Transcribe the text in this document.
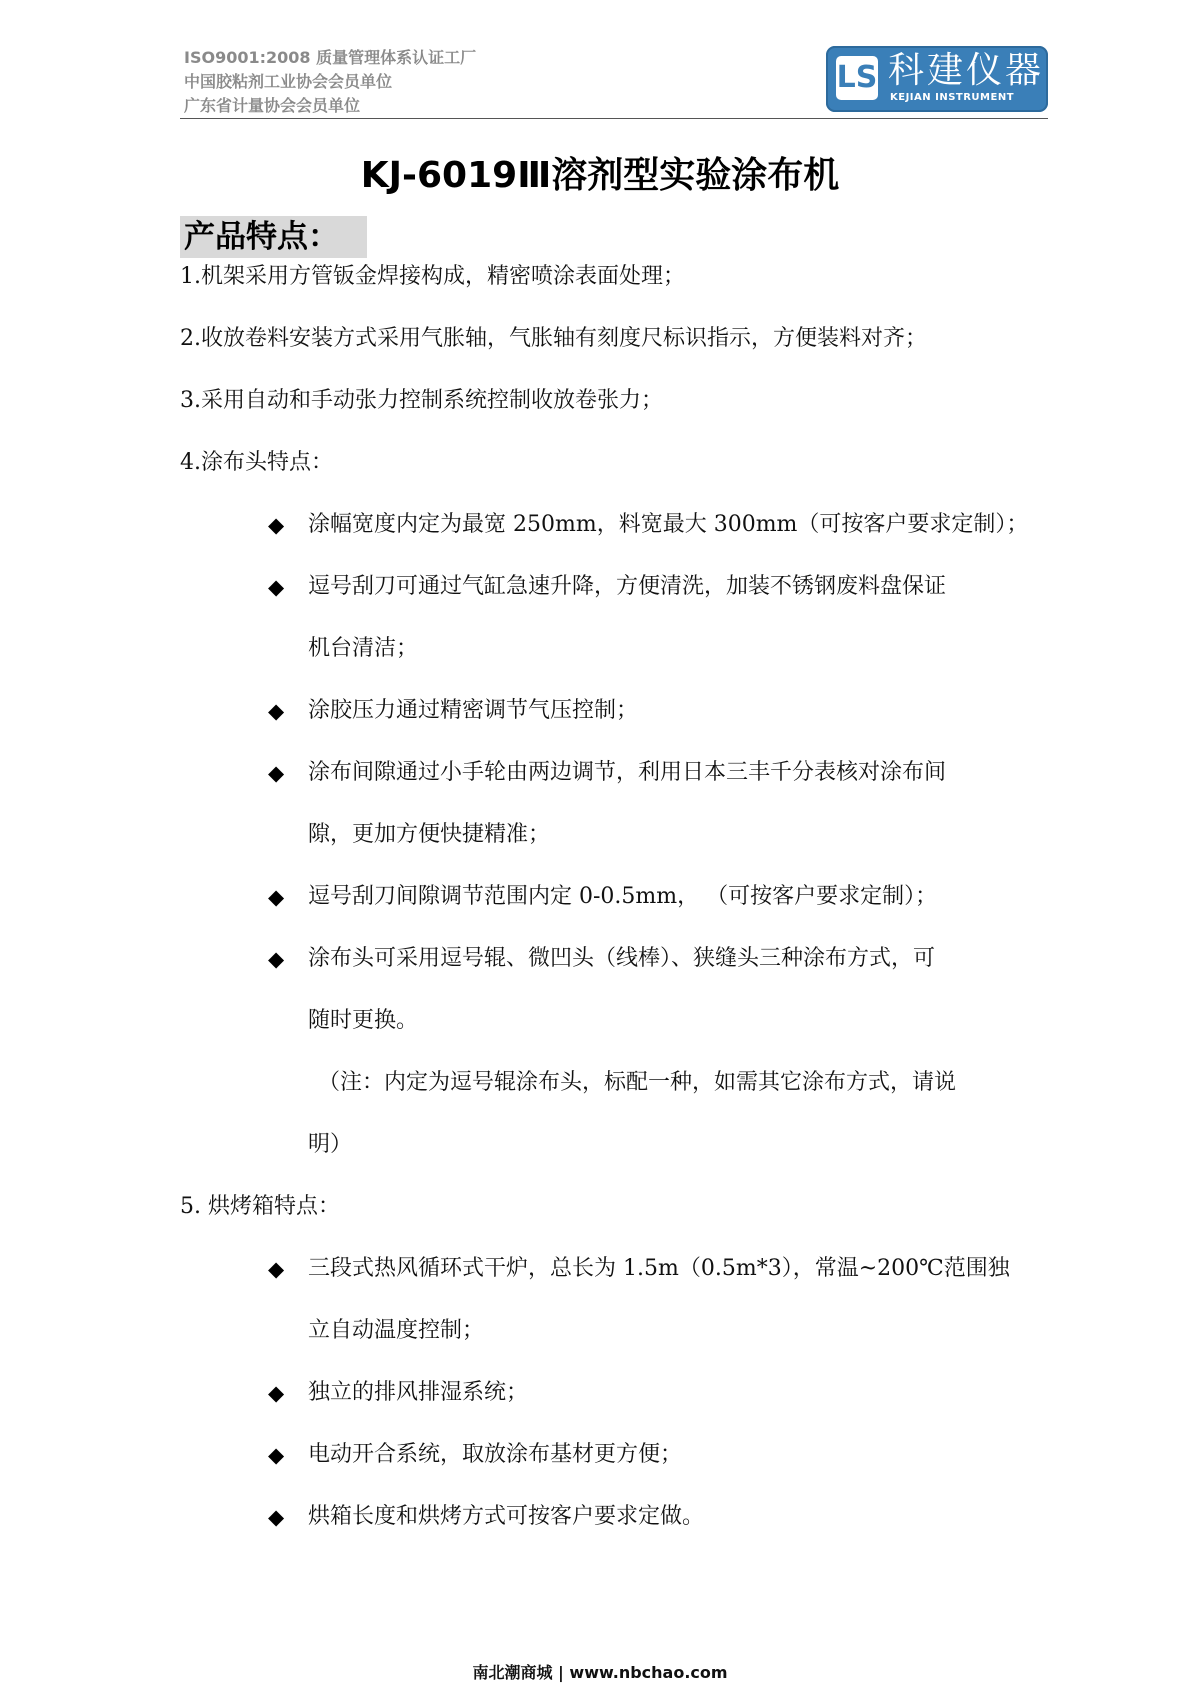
ISO9001:2008 质量管理体系认证工厂
中国胶粘剂工业协会会员单位
广东省计量协会会员单位
LS 科建仪器
KEJIAN INSTRUMENT
KJ-6019Ⅲ溶剂型实验涂布机
产品特点：
1.机架采用方管钣金焊接构成，精密喷涂表面处理；
2.收放卷料安装方式采用气胀轴，气胀轴有刻度尺标识指示，方便装料对齐；
3.采用自动和手动张力控制系统控制收放卷张力；
4.涂布头特点：
◆ 涂幅宽度内定为最宽 250mm，料宽最大 300mm（可按客户要求定制）；
◆ 逗号刮刀可通过气缸急速升降，方便清洗，加装不锈钢废料盘保证
机台清洁；
◆ 涂胶压力通过精密调节气压控制；
◆ 涂布间隙通过小手轮由两边调节，利用日本三丰千分表核对涂布间
隙，更加方便快捷精准；
◆ 逗号刮刀间隙调节范围内定 0-0.5mm， （可按客户要求定制）；
◆ 涂布头可采用逗号辊、微凹头（线棒）、狭缝头三种涂布方式，可
随时更换。
（注：内定为逗号辊涂布头，标配一种，如需其它涂布方式，请说
明）
5. 烘烤箱特点：
◆ 三段式热风循环式干炉，总长为 1.5m（0.5m*3），常温~200℃范围独
立自动温度控制；
◆ 独立的排风排湿系统；
◆ 电动开合系统，取放涂布基材更方便；
◆ 烘箱长度和烘烤方式可按客户要求定做。
南北潮商城 | www.nbchao.com
